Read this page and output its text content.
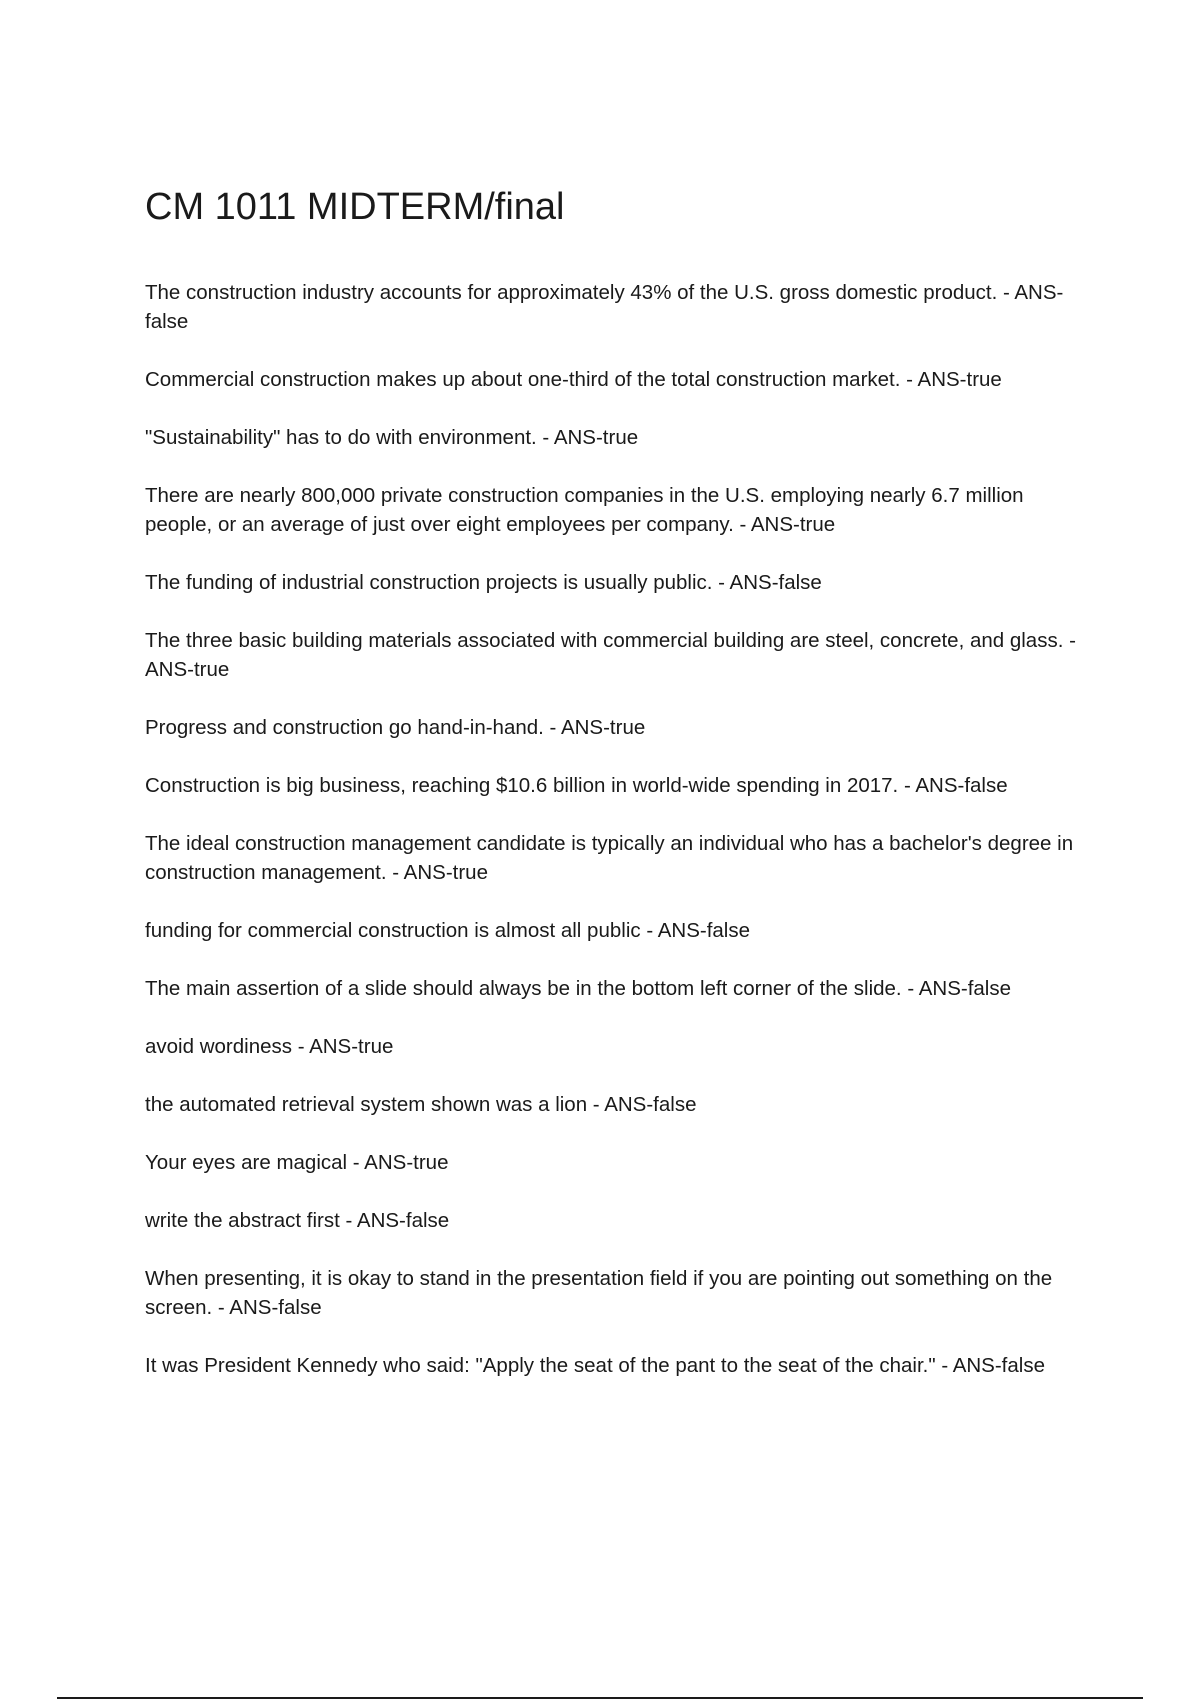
CM 1011 MIDTERM/final
The construction industry accounts for approximately 43% of the U.S. gross domestic product. - ANS-false
Commercial construction makes up about one-third of the total construction market. - ANS-true
"Sustainability" has to do with environment. - ANS-true
There are nearly 800,000 private construction companies in the U.S. employing nearly 6.7 million people, or an average of just over eight employees per company. - ANS-true
The funding of industrial construction projects is usually public. - ANS-false
The three basic building materials associated with commercial building are steel, concrete, and glass. - ANS-true
Progress and construction go hand-in-hand. - ANS-true
Construction is big business, reaching $10.6 billion in world-wide spending in 2017. - ANS-false
The ideal construction management candidate is typically an individual who has a bachelor's degree in construction management. - ANS-true
funding for commercial construction is almost all public - ANS-false
The main assertion of a slide should always be in the bottom left corner of the slide. - ANS-false
avoid wordiness - ANS-true
the automated retrieval system shown was a lion - ANS-false
Your eyes are magical - ANS-true
write the abstract first - ANS-false
When presenting, it is okay to stand in the presentation field if you are pointing out something on the screen. - ANS-false
It was President Kennedy who said: "Apply the seat of the pant to the seat of the chair." - ANS-false
